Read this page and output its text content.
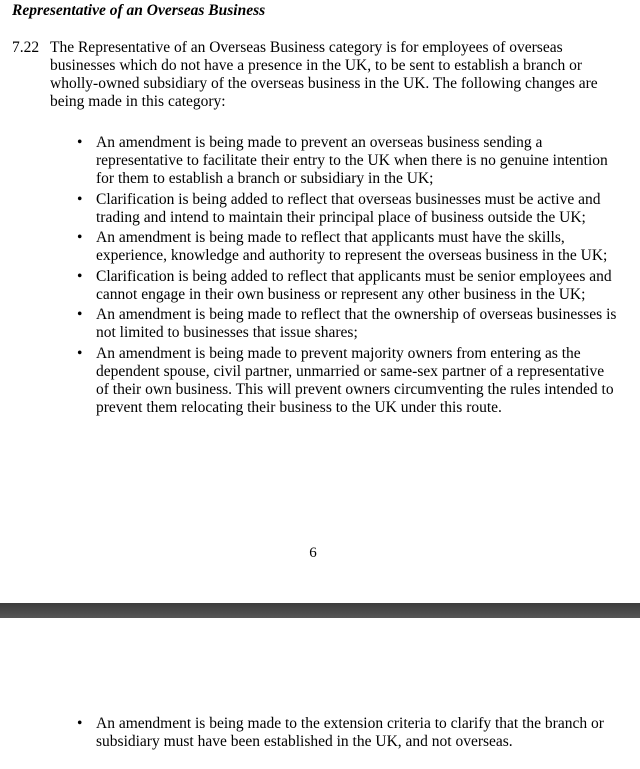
Representative of an Overseas Business
7.22 The Representative of an Overseas Business category is for employees of overseas businesses which do not have a presence in the UK, to be sent to establish a branch or wholly-owned subsidiary of the overseas business in the UK. The following changes are being made in this category:
• An amendment is being made to prevent an overseas business sending a representative to facilitate their entry to the UK when there is no genuine intention for them to establish a branch or subsidiary in the UK;
• Clarification is being added to reflect that overseas businesses must be active and trading and intend to maintain their principal place of business outside the UK;
• An amendment is being made to reflect that applicants must have the skills, experience, knowledge and authority to represent the overseas business in the UK;
• Clarification is being added to reflect that applicants must be senior employees and cannot engage in their own business or represent any other business in the UK;
• An amendment is being made to reflect that the ownership of overseas businesses is not limited to businesses that issue shares;
• An amendment is being made to prevent majority owners from entering as the dependent spouse, civil partner, unmarried or same-sex partner of a representative of their own business. This will prevent owners circumventing the rules intended to prevent them relocating their business to the UK under this route.
6
• An amendment is being made to the extension criteria to clarify that the branch or subsidiary must have been established in the UK, and not overseas.
